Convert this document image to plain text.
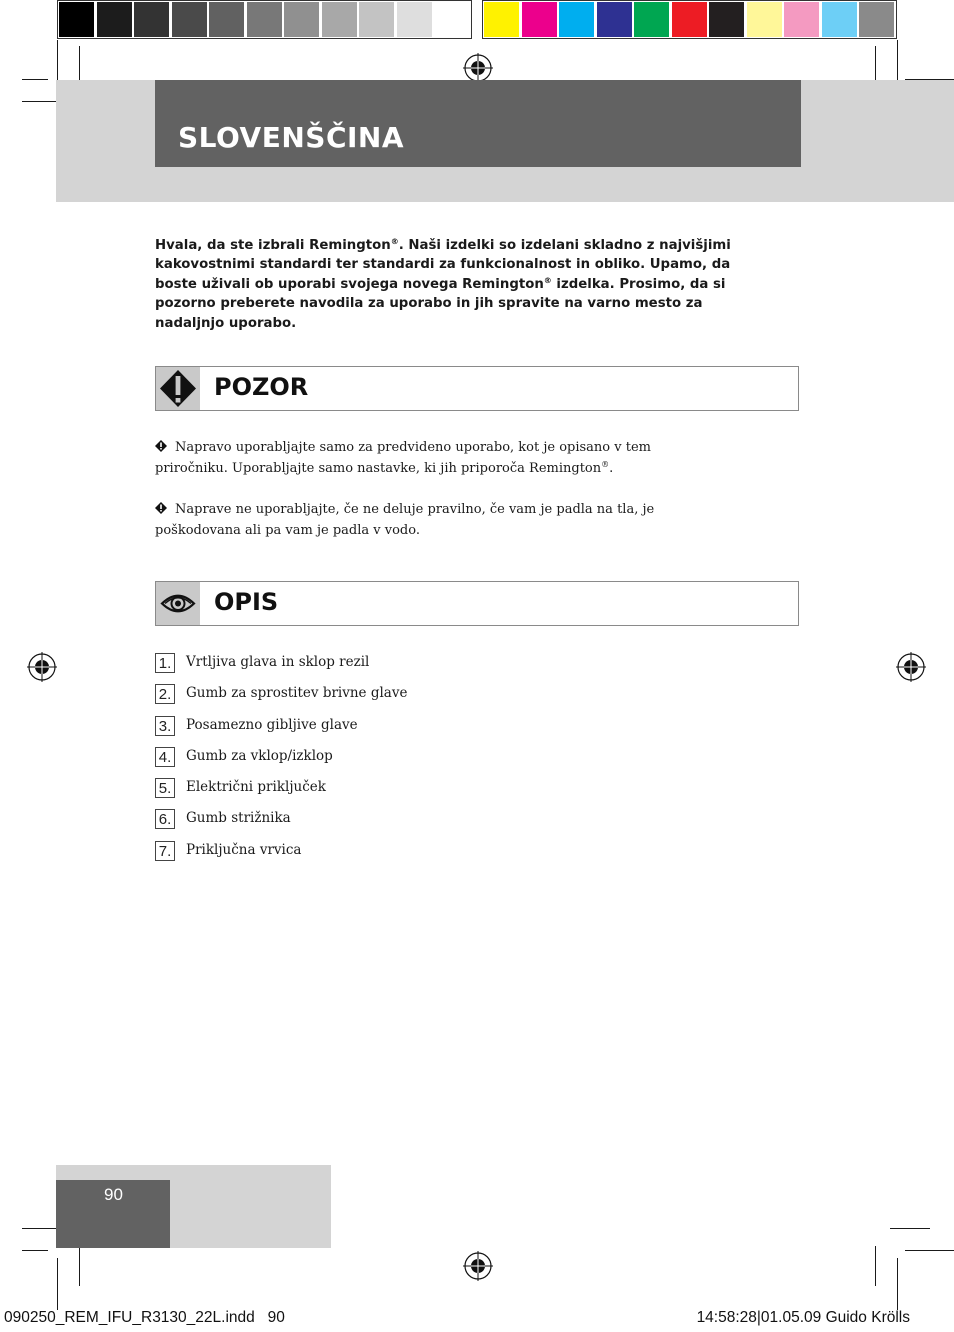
SLOVENŠČINA
Hvala, da ste izbrali Remington®. Naši izdelki so izdelani skladno z najvišjimi kakovostnimi standardi ter standardi za funkcionalnost in obliko. Upamo, da boste uživali ob uporabi svojega novega Remington® izdelka. Prosimo, da si pozorno preberete navodila za uporabo in jih spravite na varno mesto za nadaljnjo uporabo.
POZOR
Napravo uporabljajte samo za predvideno uporabo, kot je opisano v tem priročniku. Uporabljajte samo nastavke, ki jih priporoča Remington®.
Naprave ne uporabljajte, če ne deluje pravilno, če vam je padla na tla, je poškodovana ali pa vam je padla v vodo.
OPIS
1. Vrtljiva glava in sklop rezil
2. Gumb za sprostitev brivne glave
3. Posamezno gibljive glave
4. Gumb za vklop/izklop
5. Električni priključek
6. Gumb strižnika
7. Priključna vrvica
90
090250_REM_IFU_R3130_22L.indd   90	14:58:28|01.05.09 Guido Krölls
